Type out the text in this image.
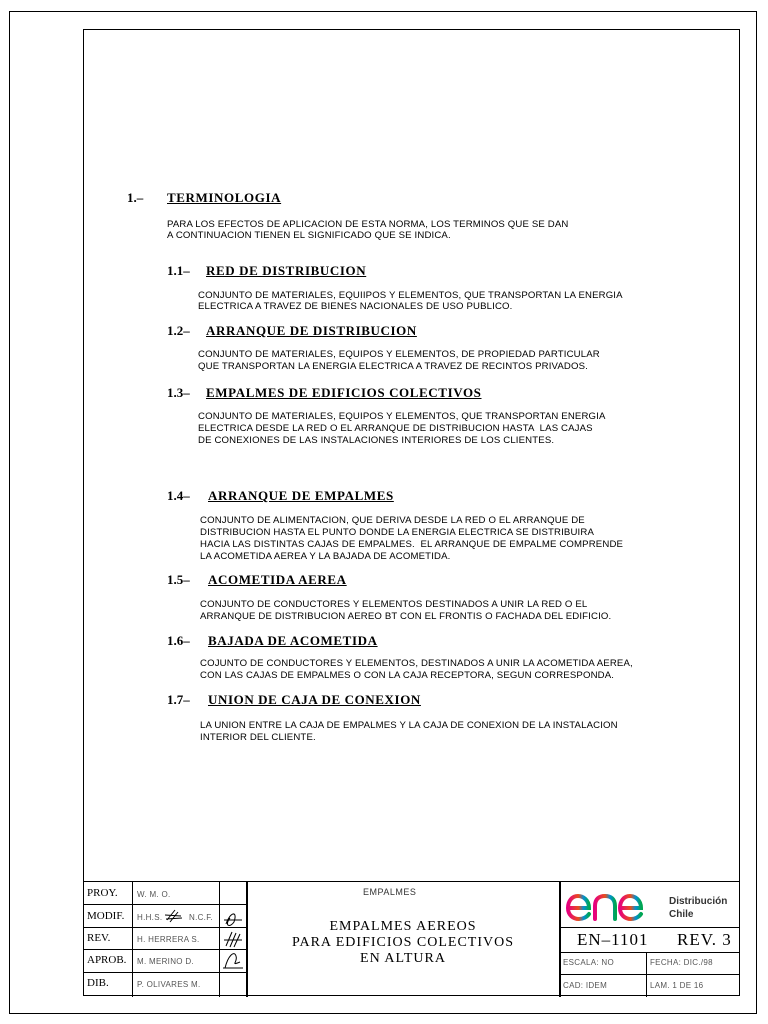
1.– TERMINOLOGIA
PARA LOS EFECTOS DE APLICACION DE ESTA NORMA, LOS TERMINOS QUE SE DAN
A CONTINUACION TIENEN EL SIGNIFICADO QUE SE INDICA.
1.1– RED DE DISTRIBUCION
CONJUNTO DE MATERIALES, EQUIIPOS Y ELEMENTOS, QUE TRANSPORTAN LA ENERGIA
ELECTRICA A TRAVEZ DE BIENES NACIONALES DE USO PUBLICO.
1.2– ARRANQUE DE DISTRIBUCION
CONJUNTO DE MATERIALES, EQUIPOS Y ELEMENTOS, DE PROPIEDAD PARTICULAR
QUE TRANSPORTAN LA ENERGIA ELECTRICA A TRAVEZ DE RECINTOS PRIVADOS.
1.3– EMPALMES DE EDIFICIOS COLECTIVOS
CONJUNTO DE MATERIALES, EQUIPOS Y ELEMENTOS, QUE TRANSPORTAN ENERGIA
ELECTRICA DESDE LA RED O EL ARRANQUE DE DISTRIBUCION HASTA  LAS CAJAS
DE CONEXIONES DE LAS INSTALACIONES INTERIORES DE LOS CLIENTES.
1.4– ARRANQUE DE EMPALMES
CONJUNTO DE ALIMENTACION, QUE DERIVA DESDE LA RED O EL ARRANQUE DE
DISTRIBUCION HASTA EL PUNTO DONDE LA ENERGIA ELECTRICA SE DISTRIBUIRA
HACIA LAS DISTINTAS CAJAS DE EMPALMES.  EL ARRANQUE DE EMPALME COMPRENDE
LA ACOMETIDA AEREA Y LA BAJADA DE ACOMETIDA.
1.5– ACOMETIDA AEREA
CONJUNTO DE CONDUCTORES Y ELEMENTOS DESTINADOS A UNIR LA RED O EL
ARRANQUE DE DISTRIBUCION AEREO BT CON EL FRONTIS O FACHADA DEL EDIFICIO.
1.6– BAJADA DE ACOMETIDA
COJUNTO DE CONDUCTORES Y ELEMENTOS, DESTINADOS A UNIR LA ACOMETIDA AEREA,
CON LAS CAJAS DE EMPALMES O CON LA CAJA RECEPTORA, SEGUN CORRESPONDA.
1.7– UNION DE CAJA DE CONEXION
LA UNION ENTRE LA CAJA DE EMPALMES Y LA CAJA DE CONEXION DE LA INSTALACION
INTERIOR DEL CLIENTE.
PROY. W. M. O.
MODIF. H.H.S.	N.C.F.
REV.	H. HERRERA S.
APROB. M. MERINO D.
DIB.	P. OLIVARES M.
EMPALMES
EMPALMES AEREOS
PARA EDIFICIOS COLECTIVOS
EN ALTURA
Distribución
Chile
EN–1101 REV. 3
ESCALA: NO	FECHA: DIC./98
CAD: IDEM	LAM. 1 DE 16
